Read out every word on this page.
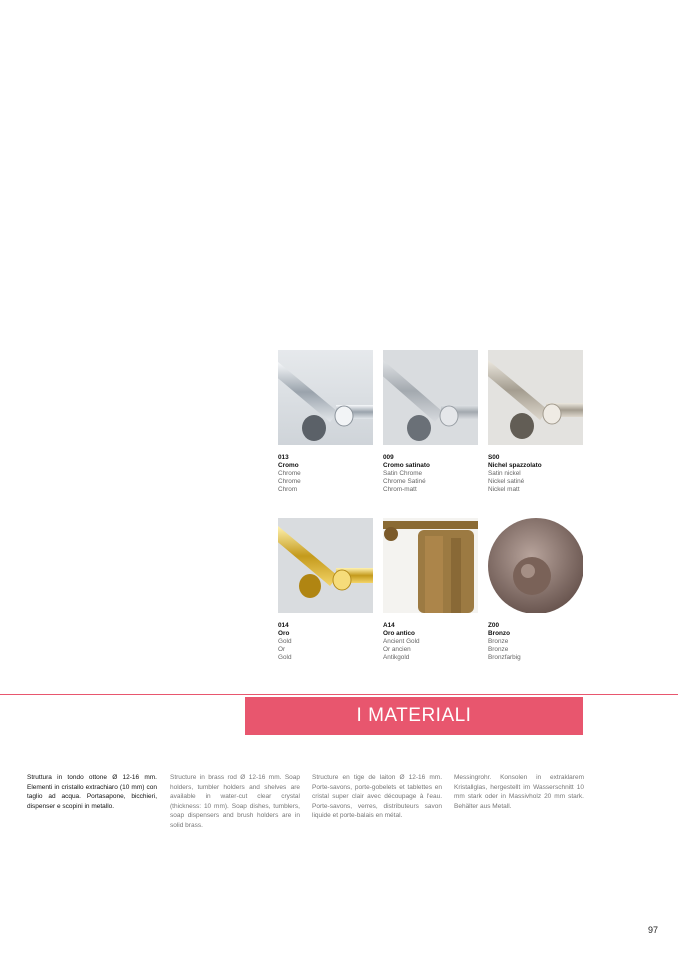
013
Cromo
Chrome
Chrome
Chrom
009
Cromo satinato
Satin Chrome
Chrome Satiné
Chrom-matt
S00
Nichel spazzolato
Satin nickel
Nickel satiné
Nickel matt
014
Oro
Gold
Or
Gold
A14
Oro antico
Ancient Gold
Or ancien
Antikgold
Z00
Bronzo
Bronze
Bronze
Bronzfarbig
I MATERIALI
Struttura in tondo ottone Ø 12-16 mm. Elementi in cristallo extrachiaro (10 mm) con taglio ad acqua. Portasapone, bicchieri, dispenser e scopini in metallo.
Structure in brass rod Ø 12-16 mm. Soap holders, tumbler holders and shelves are available in water-cut clear crystal (thickness: 10 mm). Soap dishes, tumblers, soap dispensers and brush holders are in solid brass.
Structure en tige de laiton Ø 12-16 mm. Porte-savons, porte-gobelets et tablettes en cristal super clair avec découpage à l'eau. Porte-savons, verres, distributeurs savon liquide et porte-balais en métal.
Messingrohr. Konsolen in extraklarem Kristallglas, hergestellt im Wasserschnitt 10 mm stark oder in Massivholz 20 mm stark. Behälter aus Metall.
97
